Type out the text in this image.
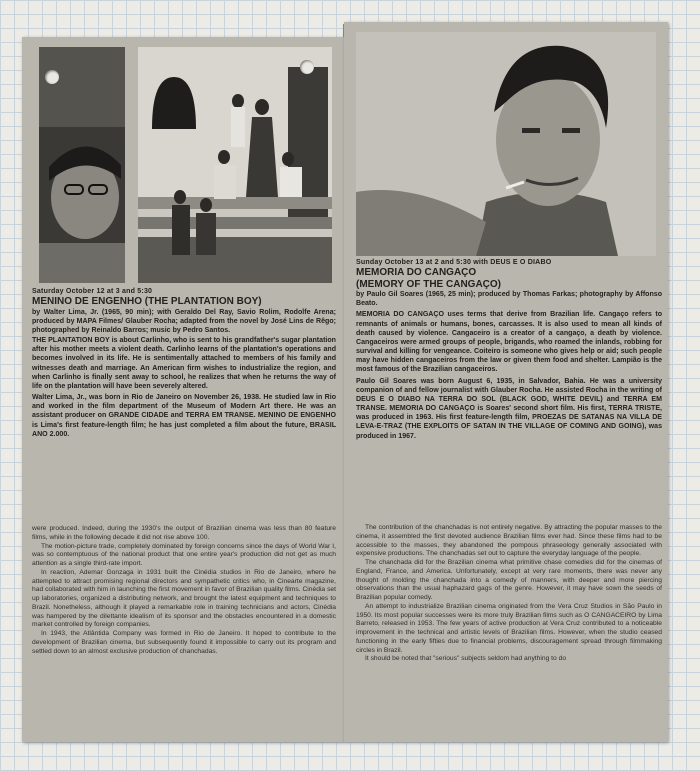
Saturday October 12 at 3 and 5:30

MENINO DE ENGENHO (THE PLANTATION BOY)

by Walter Lima, Jr. (1965, 90 min); with Geraldo Del Ray, Savio Rolim, Rodolfe Arena; produced by MAPA Filmes/ Glauber Rocha; adapted from the novel by José Lins de Rêgo; photographed by Reinaldo Barros; music by Pedro Santos.

THE PLANTATION BOY is about Carlinho, who is sent to his grandfather's sugar plantation after his mother meets a violent death. Carlinho learns of the plantation's operations and becomes involved in its life. He is sentimentally attached to members of his family and witnesses death and marriage. An American firm wishes to industrialize the region, and when Carlinho is finally sent away to school, he realizes that when he returns the way of life on the plantation will have been severely altered.

Walter Lima, Jr., was born in Rio de Janeiro on November 26, 1938. He studied law in Rio and worked in the film department of the Museum of Modern Art there. He was an assistant producer on GRANDE CIDADE and TERRA EM TRANSE. MENINO DE ENGENHO is Lima's first feature-length film; he has just completed a film about the future, BRASIL ANO 2.000.

were produced. Indeed, during the 1930's the output of Brazilian cinema was less than 80 feature films, while in the following decade it did not rise above 100.

The motion-picture trade, completely dominated by foreign concerns since the days of World War I, was so contemptuous of the national product that one entire year's production did not get as much attention as a single third-rate import.

In reaction, Ademar Gonzaga in 1931 built the Cinédia studios in Rio de Janeiro, where he attempted to attract promising regional directors and sympathetic critics who, in Cinearte magazine, had collaborated with him in launching the first movement in favor of Brazilian quality films. Cinédia set up laboratories, organized a distributing network, and brought the latest equipment and techniques to Brazil. Nonetheless, although it played a remarkable role in training technicians and actors, Cinédia was hampered by the dilettante idealism of its sponsor and the obstacles encountered in a domestic market controlled by foreign companies.

In 1943, the Atlântida Company was formed in Rio de Janeiro. It hoped to contribute to the development of Brazilian cinema, but subsequently found it impossible to carry out its program and settled down to an almost exclusive production of chanchadas.

Sunday October 13 at 2 and 5:30 with DEUS E O DIABO

MEMORIA DO CANGAÇO

(MEMORY OF THE CANGAÇO)

by Paulo Gil Soares (1965, 25 min); produced by Thomas Farkas; photography by Affonso Beato.

MEMORIA DO CANGAÇO uses terms that derive from Brazilian life. Cangaço refers to remnants of animals or humans, bones, carcasses. It is also used to mean all kinds of death caused by violence. Cangaceiro is a creator of a cangaço, a death by violence. Cangaceiros were armed groups of people, brigands, who roamed the inlands, robbing for survival and killing for vengeance. Coiteiro is someone who gives help or aid; such people may have hidden cangaceiros from the law or given them food and shelter. Lampião is the most famous of the Brazilian cangaceiros.

Paulo Gil Soares was born August 6, 1935, in Salvador, Bahia. He was a university companion of and fellow journalist with Glauber Rocha. He assisted Rocha in the writing of DEUS E O DIABO NA TERRA DO SOL (BLACK GOD, WHITE DEVIL) and TERRA EM TRANSE. MEMORIA DO CANGAÇO is Soares' second short film. His first, TERRA TRISTE, was produced in 1963. His first feature-length film, PROEZAS DE SATANAS NA VILLA DE LEVA-E-TRAZ (THE EXPLOITS OF SATAN IN THE VILLAGE OF COMING AND GOING), was produced in 1967.

The contribution of the chanchadas is not entirely negative. By attracting the popular masses to the cinema, it assembled the first devoted audience Brazilian films ever had. Since these films had to be accessible to the masses, they abandoned the pompous phraseology generally associated with expensive productions. The chanchadas set out to capture the everyday language of the people.

The chanchada did for the Brazilian cinema what primitive chase comedies did for the cinemas of England, France, and America. Unfortunately, except at very rare moments, there was never any thought of molding the chanchada into a comedy of manners, with deeper and more piercing observations than the usual haphazard gags of the genre. However, it may have sown the seeds of Brazilian popular comedy.

An attempt to industrialize Brazilian cinema originated from the Vera Cruz Studios in São Paulo in 1950. Its most popular successes were its more truly Brazilian films such as O CANGACEIRO by Lima Barreto, released in 1953. The few years of active production at Vera Cruz contributed to a noticeable improvement in the technical and artistic levels of Brazilian films. However, when the studio ceased functioning in the early fifties due to financial problems, discouragement spread through filmmaking circles in Brazil.

It should be noted that "serious" subjects seldom had anything to do
